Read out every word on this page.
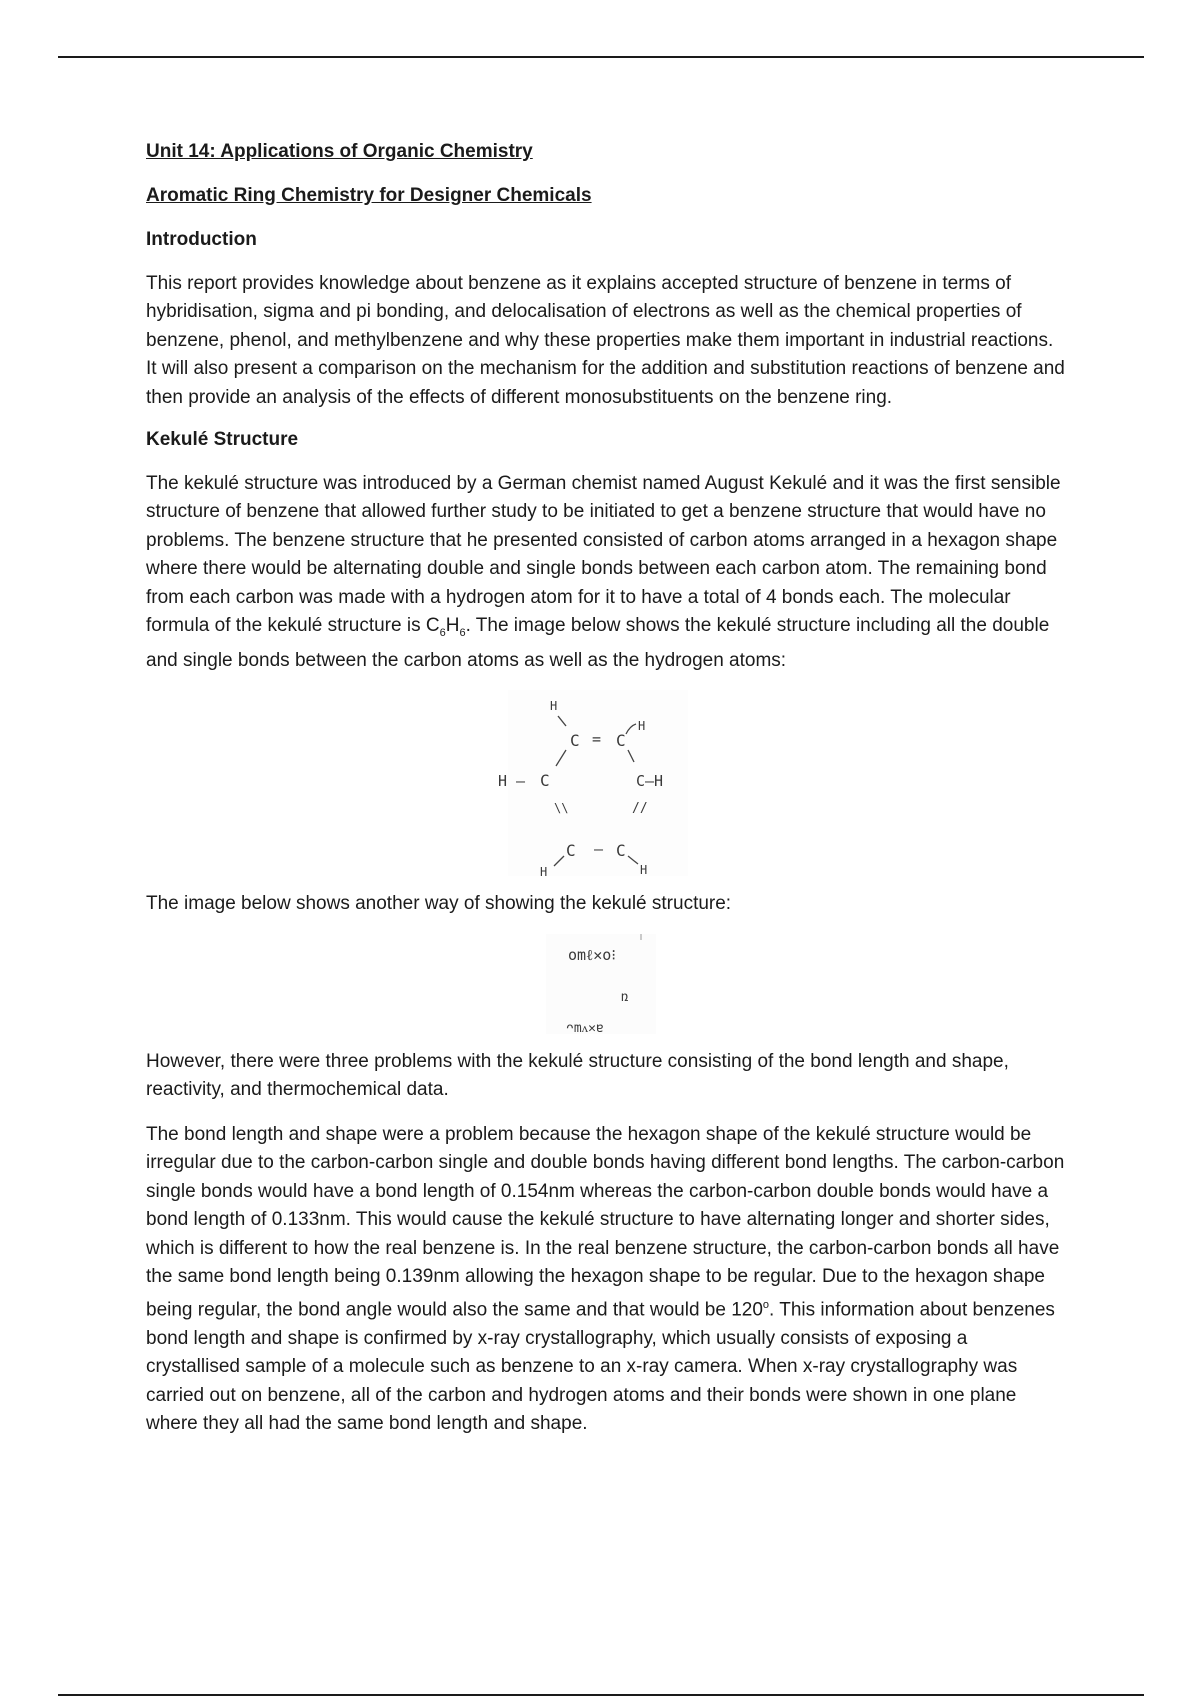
Unit 14: Applications of Organic Chemistry
Aromatic Ring Chemistry for Designer Chemicals
Introduction

This report provides knowledge about benzene as it explains accepted structure of benzene in terms of hybridisation, sigma and pi bonding, and delocalisation of electrons as well as the chemical properties of benzene, phenol, and methylbenzene and why these properties make them important in industrial reactions. It will also present a comparison on the mechanism for the addition and substitution reactions of benzene and then provide an analysis of the effects of different monosubstituents on the benzene ring.

Kekulé Structure

The kekulé structure was introduced by a German chemist named August Kekulé and it was the first sensible structure of benzene that allowed further study to be initiated to get a benzene structure that would have no problems. The benzene structure that he presented consisted of carbon atoms arranged in a hexagon shape where there would be alternating double and single bonds between each carbon atom. The remaining bond from each carbon was made with a hydrogen atom for it to have a total of 4 bonds each. The molecular formula of the kekulé structure is $C_6H_6$. The image below shows the kekulé structure including all the double and single bonds between the carbon atoms as well as the hydrogen atoms:

H
C = C
H
H – C	C–H
\\	//
C – C
H	H

The image below shows another way of showing the kekulé structure:

omℓ✕o⁝
ռ
ᴖmᴧ✕ɐ

However, there were three problems with the kekulé structure consisting of the bond length and shape, reactivity, and thermochemical data.

The bond length and shape were a problem because the hexagon shape of the kekulé structure would be irregular due to the carbon-carbon single and double bonds having different bond lengths. The carbon-carbon single bonds would have a bond length of 0.154nm whereas the carbon-carbon double bonds would have a bond length of 0.133nm. This would cause the kekulé structure to have alternating longer and shorter sides, which is different to how the real benzene is. In the real benzene structure, the carbon-carbon bonds all have the same bond length being 0.139nm allowing the hexagon shape to be regular. Due to the hexagon shape being regular, the bond angle would also the same and that would be 120$^o$. This information about benzenes bond length and shape is confirmed by x-ray crystallography, which usually consists of exposing a crystallised sample of a molecule such as benzene to an x-ray camera. When x-ray crystallography was carried out on benzene, all of the carbon and hydrogen atoms and their bonds were shown in one plane where they all had the same bond length and shape.
